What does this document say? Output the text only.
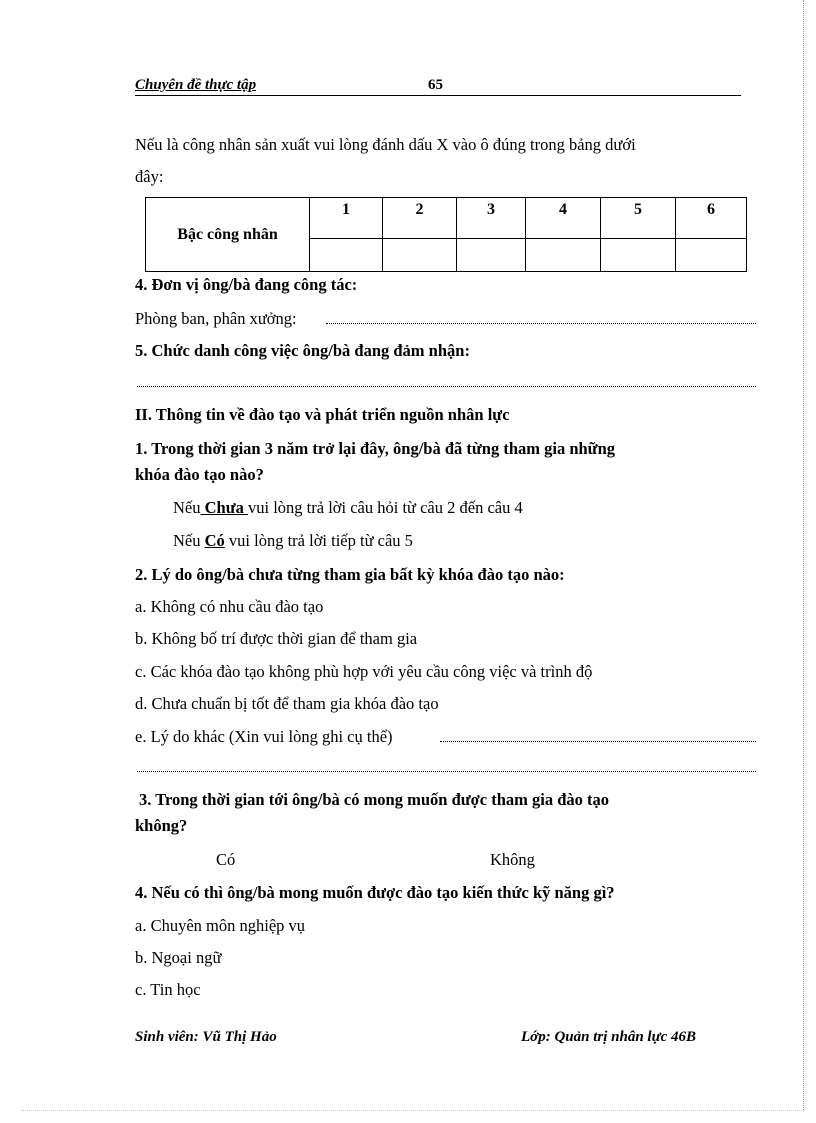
Chuyên đề thực tập	65
Nếu là công nhân sản xuất vui lòng đánh dấu X vào ô đúng trong bảng dưới
đây:
Bậc công nhân	1	2	3	4	5	6

4. Đơn vị ông/bà đang công tác:
Phòng ban, phân xưởng:
5. Chức danh công việc ông/bà đang đảm nhận:
II. Thông tin về đào tạo và phát triển nguồn nhân lực
1. Trong thời gian 3 năm trở lại đây, ông/bà đã từng tham gia những
khóa đào tạo nào?
Nếu Chưa vui lòng trả lời câu hỏi từ câu 2 đến câu 4
Nếu Có vui lòng trả lời tiếp từ câu 5
2. Lý do ông/bà chưa từng tham gia bất kỳ khóa đào tạo nào:
a. Không có nhu cầu đào tạo
b. Không bố trí được thời gian để tham gia
c. Các khóa đào tạo không phù hợp với yêu cầu công việc và trình độ
d. Chưa chuẩn bị tốt để tham gia khóa đào tạo
e. Lý do khác (Xin vui lòng ghi cụ thể)
3. Trong thời gian tới ông/bà có mong muốn được tham gia đào tạo
không?
Có	Không
4. Nếu có thì ông/bà mong muốn được đào tạo kiến thức kỹ năng gì?
a. Chuyên môn nghiệp vụ
b. Ngoại ngữ
c. Tin học
Sinh viên: Vũ Thị Hảo	Lớp: Quản trị nhân lực 46B
